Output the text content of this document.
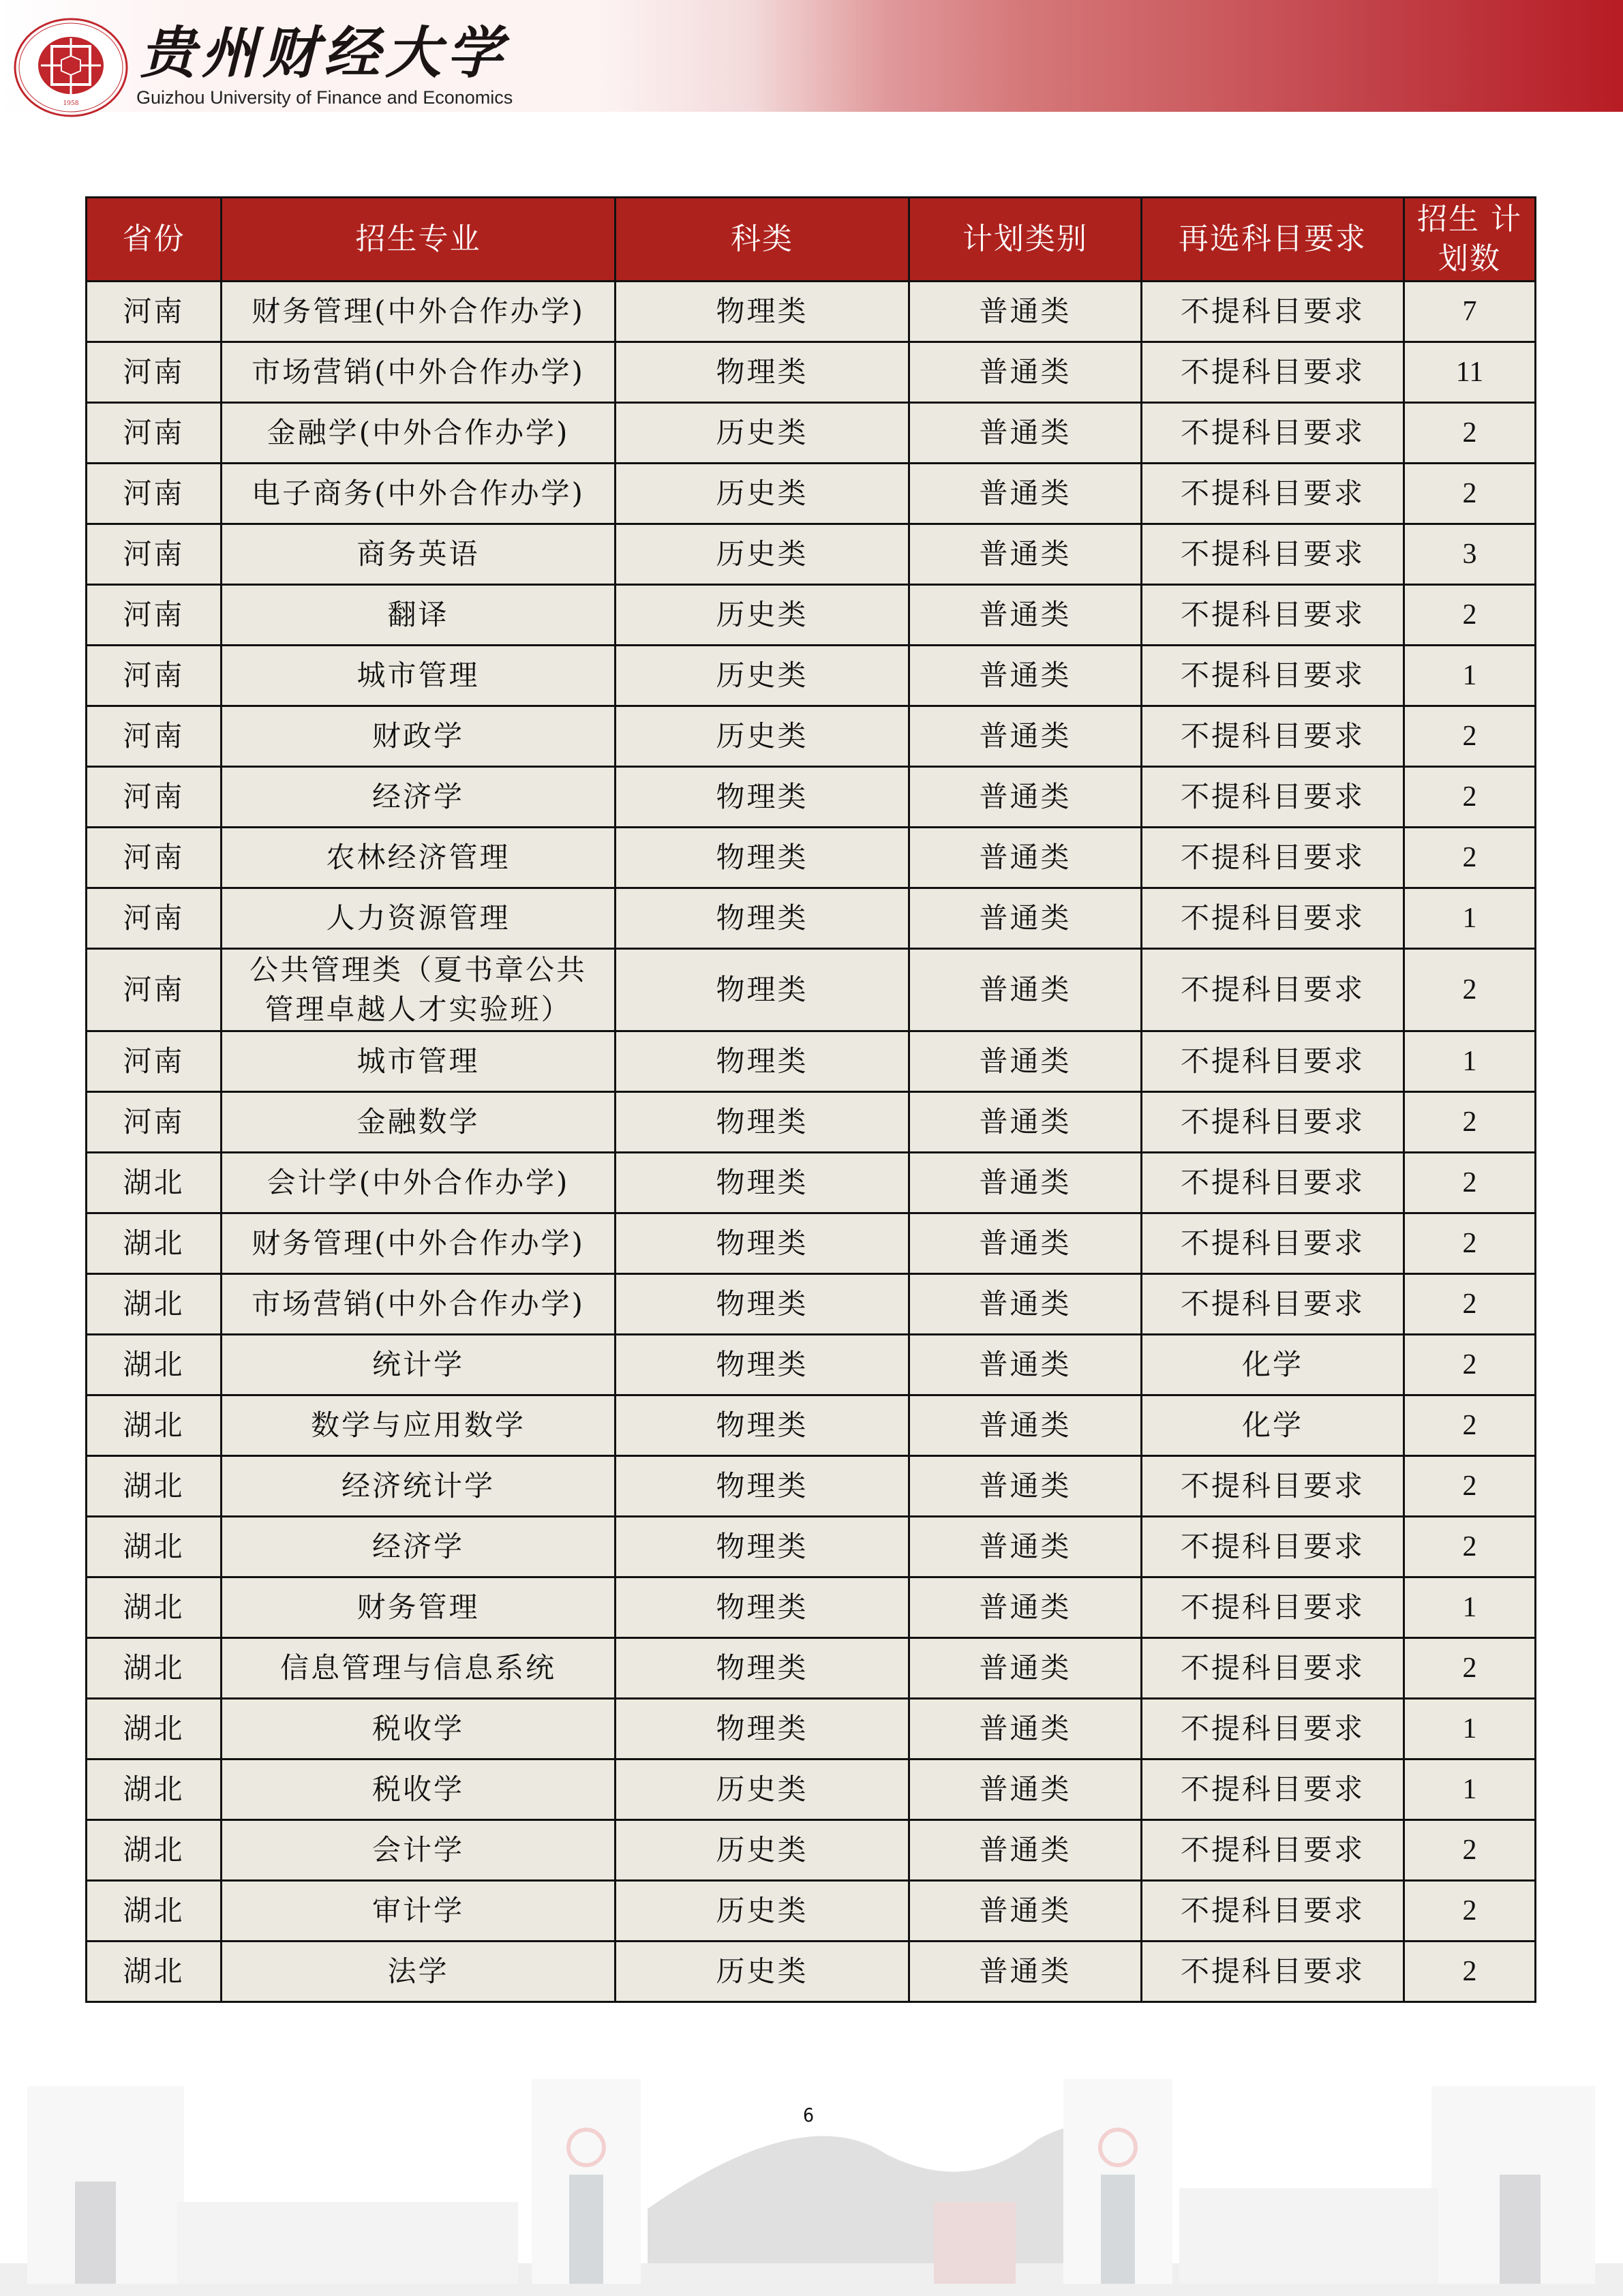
1958
贵州财经大学
Guizhou University of Finance and Economics
省份	招生专业	科类	计划类别	再选科目要求	招生 计划数
河南	财务管理(中外合作办学)	物理类	普通类	不提科目要求	7
河南	市场营销(中外合作办学)	物理类	普通类	不提科目要求	11
河南	金融学(中外合作办学)	历史类	普通类	不提科目要求	2
河南	电子商务(中外合作办学)	历史类	普通类	不提科目要求	2
河南	商务英语	历史类	普通类	不提科目要求	3
河南	翻译	历史类	普通类	不提科目要求	2
河南	城市管理	历史类	普通类	不提科目要求	1
河南	财政学	历史类	普通类	不提科目要求	2
河南	经济学	物理类	普通类	不提科目要求	2
河南	农林经济管理	物理类	普通类	不提科目要求	2
河南	人力资源管理	物理类	普通类	不提科目要求	1
河南	公共管理类（夏书章公共
管理卓越人才实验班）	物理类	普通类	不提科目要求	2
河南	城市管理	物理类	普通类	不提科目要求	1
河南	金融数学	物理类	普通类	不提科目要求	2
湖北	会计学(中外合作办学)	物理类	普通类	不提科目要求	2
湖北	财务管理(中外合作办学)	物理类	普通类	不提科目要求	2
湖北	市场营销(中外合作办学)	物理类	普通类	不提科目要求	2
湖北	统计学	物理类	普通类	化学	2
湖北	数学与应用数学	物理类	普通类	化学	2
湖北	经济统计学	物理类	普通类	不提科目要求	2
湖北	经济学	物理类	普通类	不提科目要求	2
湖北	财务管理	物理类	普通类	不提科目要求	1
湖北	信息管理与信息系统	物理类	普通类	不提科目要求	2
湖北	税收学	物理类	普通类	不提科目要求	1
湖北	税收学	历史类	普通类	不提科目要求	1
湖北	会计学	历史类	普通类	不提科目要求	2
湖北	审计学	历史类	普通类	不提科目要求	2
湖北	法学	历史类	普通类	不提科目要求	2
6
